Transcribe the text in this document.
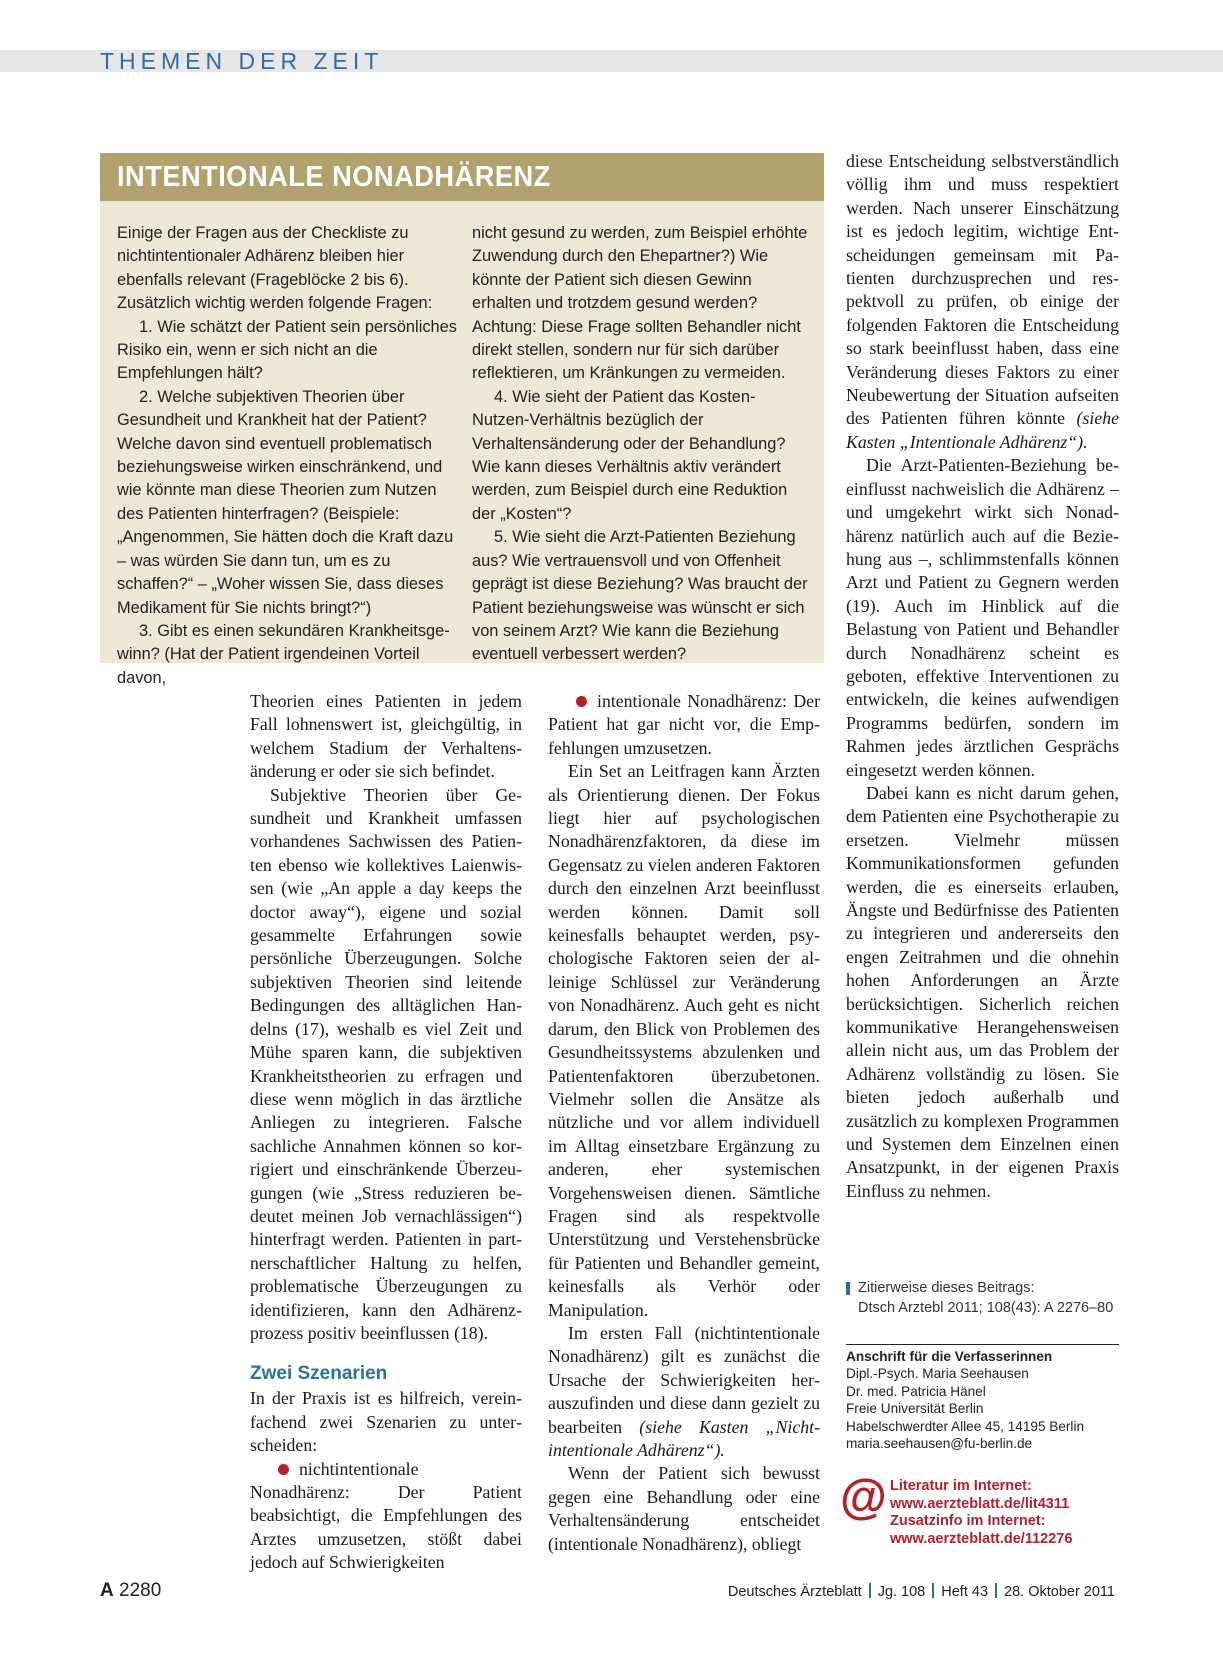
THEMEN DER ZEIT
INTENTIONALE NONADHÄRENZ

Einige der Fragen aus der Checkliste zu nichtintentionaler Adhärenz bleiben hier ebenfalls relevant (Frageblöcke 2 bis 6). Zusätzlich wichtig werden folgende Fragen:

1. Wie schätzt der Patient sein persönliches Risiko ein, wenn er sich nicht an die Empfehlungen hält?

2. Welche subjektiven Theorien über Gesundheit und Krankheit hat der Patient? Welche davon sind eventuell problematisch beziehungsweise wirken einschränkend, und wie könnte man diese Theorien zum Nutzen des Patienten hinterfragen? (Beispiele: „Angenommen, Sie hätten doch die Kraft dazu – was würden Sie dann tun, um es zu schaffen?“ – „Woher wissen Sie, dass dieses Medikament für Sie nichts bringt?“)

3. Gibt es einen sekundären Krankheitsgewinn? (Hat der Patient irgendeinen Vorteil davon,

nicht gesund zu werden, zum Beispiel erhöhte Zuwendung durch den Ehepartner?) Wie könnte der Patient sich diesen Gewinn erhalten und trotzdem gesund werden? Achtung: Diese Frage sollten Behandler nicht direkt stellen, sondern nur für sich darüber reflektieren, um Kränkungen zu vermeiden.

4. Wie sieht der Patient das Kosten-Nutzen-Verhältnis bezüglich der Verhaltensänderung oder der Behandlung? Wie kann dieses Verhältnis aktiv verändert werden, zum Beispiel durch eine Reduktion der „Kosten“?

5. Wie sieht die Arzt-Patienten Beziehung aus? Wie vertrauensvoll und von Offenheit geprägt ist diese Beziehung? Was braucht der Patient beziehungsweise was wünscht er sich von seinem Arzt? Wie kann die Beziehung eventuell verbessert werden?

Theorien eines Patienten in jedem Fall lohnenswert ist, gleichgültig, in welchem Stadium der Verhaltensänderung er oder sie sich befindet.

Subjektive Theorien über Gesundheit und Krankheit umfassen vorhandenes Sachwissen des Patienten ebenso wie kollektives Laienwissen (wie „An apple a day keeps the doctor away“), eigene und sozial gesammelte Erfahrungen sowie persönliche Überzeugungen. Solche subjektiven Theorien sind leitende Bedingungen des alltäglichen Handelns (17), weshalb es viel Zeit und Mühe sparen kann, die subjektiven Krankheitstheorien zu erfragen und diese wenn möglich in das ärztliche Anliegen zu integrieren. Falsche sachliche Annahmen können so korrigiert und einschränkende Überzeugungen (wie „Stress reduzieren bedeutet meinen Job vernachlässigen“) hinterfragt werden. Patienten in partnerschaftlicher Haltung zu helfen, problematische Überzeugungen zu identifizieren, kann den Adhärenzprozess positiv beeinflussen (18).

Zwei Szenarien

In der Praxis ist es hilfreich, vereinfachend zwei Szenarien zu unterscheiden:

nichtintentionale Nonadhärenz: Der Patient beabsichtigt, die Empfehlungen des Arztes umzusetzen, stößt dabei jedoch auf Schwierigkeiten

intentionale Nonadhärenz: Der Patient hat gar nicht vor, die Empfehlungen umzusetzen.

Ein Set an Leitfragen kann Ärzten als Orientierung dienen. Der Fokus liegt hier auf psychologischen Nonadhärenzfaktoren, da diese im Gegensatz zu vielen anderen Faktoren durch den einzelnen Arzt beeinflusst werden können. Damit soll keinesfalls behauptet werden, psychologische Faktoren seien der alleinige Schlüssel zur Veränderung von Nonadhärenz. Auch geht es nicht darum, den Blick von Problemen des Gesundheitssystems abzulenken und Patientenfaktoren überzubetonen. Vielmehr sollen die Ansätze als nützliche und vor allem individuell im Alltag einsetzbare Ergänzung zu anderen, eher systemischen Vorgehensweisen dienen. Sämtliche Fragen sind als respektvolle Unterstützung und Verstehensbrücke für Patienten und Behandler gemeint, keinesfalls als Verhör oder Manipulation.

Im ersten Fall (nichtintentionale Nonadhärenz) gilt es zunächst die Ursache der Schwierigkeiten herauszufinden und diese dann gezielt zu bearbeiten (siehe Kasten „Nichtintentionale Adhärenz“).

Wenn der Patient sich bewusst gegen eine Behandlung oder eine Verhaltensänderung entscheidet (intentionale Nonadhärenz), obliegt

diese Entscheidung selbstverständlich völlig ihm und muss respektiert werden. Nach unserer Einschätzung ist es jedoch legitim, wichtige Entscheidungen gemeinsam mit Patienten durchzusprechen und respektvoll zu prüfen, ob einige der folgenden Faktoren die Entscheidung so stark beeinflusst haben, dass eine Veränderung dieses Faktors zu einer Neubewertung der Situation aufseiten des Patienten führen könnte (siehe Kasten „Intentionale Adhärenz“).

Die Arzt-Patienten-Beziehung beeinflusst nachweislich die Adhärenz – und umgekehrt wirkt sich Nonadhärenz natürlich auch auf die Beziehung aus –, schlimmstenfalls können Arzt und Patient zu Gegnern werden (19). Auch im Hinblick auf die Belastung von Patient und Behandler durch Nonadhärenz scheint es geboten, effektive Interventionen zu entwickeln, die keines aufwendigen Programms bedürfen, sondern im Rahmen jedes ärztlichen Gesprächs eingesetzt werden können.

Dabei kann es nicht darum gehen, dem Patienten eine Psychotherapie zu ersetzen. Vielmehr müssen Kommunikationsformen gefunden werden, die es einerseits erlauben, Ängste und Bedürfnisse des Patienten zu integrieren und andererseits den engen Zeitrahmen und die ohnehin hohen Anforderungen an Ärzte berücksichtigen. Sicherlich reichen kommunikative Herangehensweisen allein nicht aus, um das Problem der Adhärenz vollständig zu lösen. Sie bieten jedoch außerhalb und zusätzlich zu komplexen Programmen und Systemen dem Einzelnen einen Ansatzpunkt, in der eigenen Praxis Einfluss zu nehmen.

Zitierweise dieses Beitrags:
Dtsch Arztebl 2011; 108(43): A 2276–80
Anschrift für die Verfasserinnen
Dipl.-Psych. Maria Seehausen
Dr. med. Patricia Hänel
Freie Universität Berlin
Habelschwerdter Allee 45, 14195 Berlin
maria.seehausen@fu-berlin.de
@ Literatur im Internet:
www.aerzteblatt.de/lit4311
Zusatzinfo im Internet:
www.aerzteblatt.de/112276
A 2280	Deutsches Ärzteblatt Jg. 108 Heft 43 28. Oktober 2011
